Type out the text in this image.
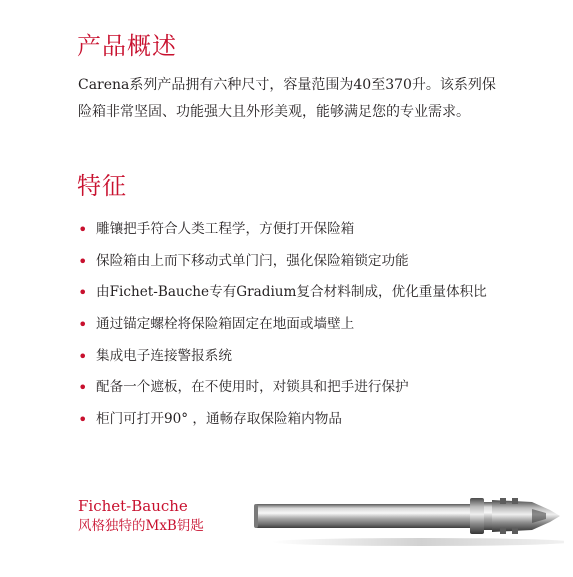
产品概述

Carena系列产品拥有六种尺寸，容量范围为40至370升。该系列保
险箱非常坚固、功能强大且外形美观，能够满足您的专业需求。

特征
• 雕镶把手符合人类工程学，方便打开保险箱
• 保险箱由上而下移动式单门闩，强化保险箱锁定功能
• 由Fichet-Bauche专有Gradium复合材料制成，优化重量体积比
• 通过锚定螺栓将保险箱固定在地面或墙壁上
• 集成电子连接警报系统
• 配备一个遮板，在不使用时，对锁具和把手进行保护
• 柜门可打开90° ，通畅存取保险箱内物品
Fichet-Bauche
风格独特的MxB钥匙
